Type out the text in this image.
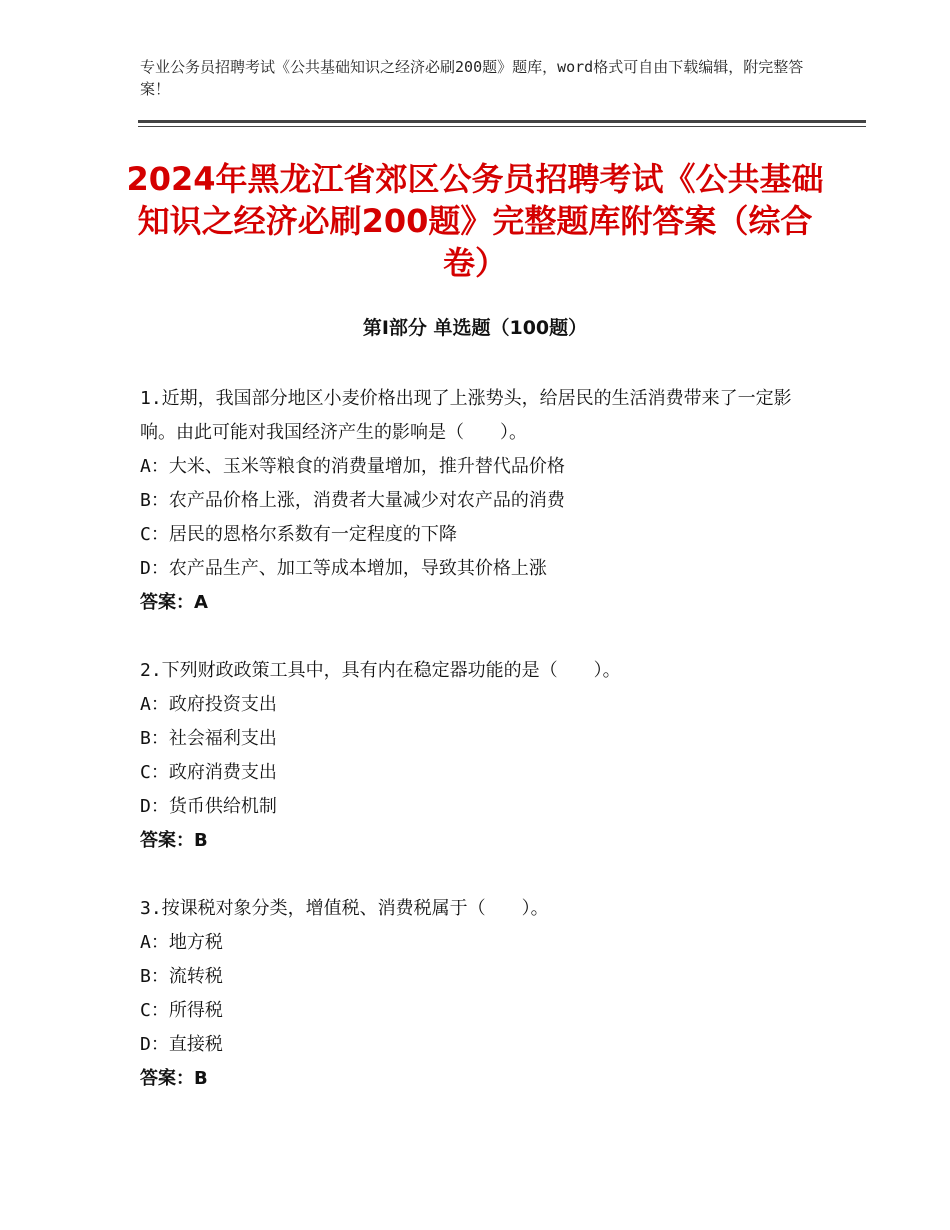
专业公务员招聘考试《公共基础知识之经济必刷200题》题库，word格式可自由下载编辑，附完整答案！
2024年黑龙江省郊区公务员招聘考试《公共基础知识之经济必刷200题》完整题库附答案（综合卷）
第I部分 单选题（100题）
1.近期，我国部分地区小麦价格出现了上涨势头，给居民的生活消费带来了一定影响。由此可能对我国经济产生的影响是（　　）。
A：大米、玉米等粮食的消费量增加，推升替代品价格
B：农产品价格上涨，消费者大量减少对农产品的消费
C：居民的恩格尔系数有一定程度的下降
D：农产品生产、加工等成本增加，导致其价格上涨
答案：A
2.下列财政政策工具中，具有内在稳定器功能的是（　　）。
A：政府投资支出
B：社会福利支出
C：政府消费支出
D：货币供给机制
答案：B
3.按课税对象分类，增值税、消费税属于（　　）。
A：地方税
B：流转税
C：所得税
D：直接税
答案：B
